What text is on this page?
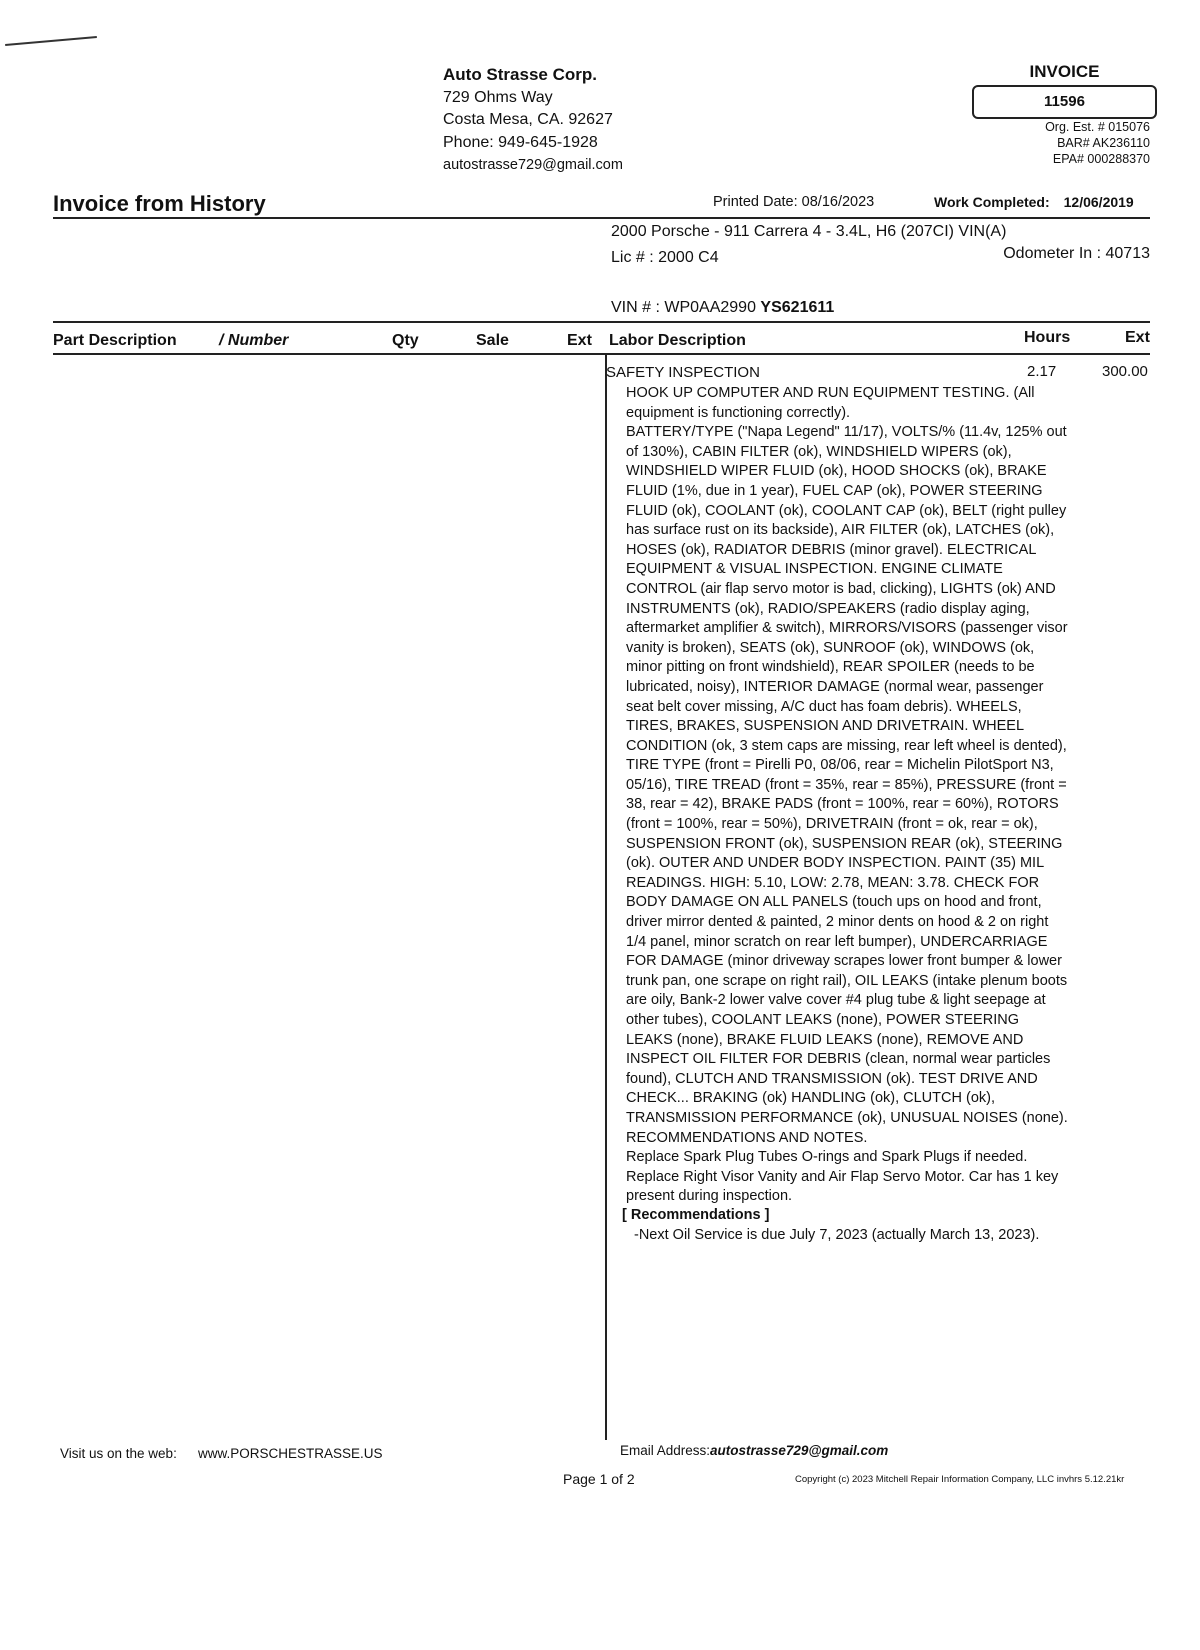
Auto Strasse Corp.
729 Ohms Way
Costa Mesa, CA. 92627
Phone: 949-645-1928
autostrasse729@gmail.com
INVOICE
11596
Org. Est. # 015076
BAR# AK236110
EPA# 000288370
Invoice from History	Printed Date: 08/16/2023	Work Completed: 12/06/2019
2000 Porsche - 911 Carrera 4 - 3.4L, H6 (207CI) VIN(A)
Lic # : 2000 C4	Odometer In : 40713
VIN # : WP0AA2990 YS621611
Part Description	/ Number	Qty	Sale	Ext Labor Description	Hours	Ext
SAFETY INSPECTION	2.17	300.00
HOOK UP COMPUTER AND RUN EQUIPMENT TESTING. (All
equipment is functioning correctly).
BATTERY/TYPE ("Napa Legend" 11/17), VOLTS/% (11.4v, 125% out
of 130%), CABIN FILTER (ok), WINDSHIELD WIPERS (ok),
WINDSHIELD WIPER FLUID (ok), HOOD SHOCKS (ok), BRAKE
FLUID (1%, due in 1 year), FUEL CAP (ok), POWER STEERING
FLUID (ok), COOLANT (ok), COOLANT CAP (ok), BELT (right pulley
has surface rust on its backside), AIR FILTER (ok), LATCHES (ok),
HOSES (ok), RADIATOR DEBRIS (minor gravel). ELECTRICAL
EQUIPMENT & VISUAL INSPECTION. ENGINE CLIMATE
CONTROL (air flap servo motor is bad, clicking), LIGHTS (ok) AND
INSTRUMENTS (ok), RADIO/SPEAKERS (radio display aging,
aftermarket amplifier & switch), MIRRORS/VISORS (passenger visor
vanity is broken), SEATS (ok), SUNROOF (ok), WINDOWS (ok,
minor pitting on front windshield), REAR SPOILER (needs to be
lubricated, noisy), INTERIOR DAMAGE (normal wear, passenger
seat belt cover missing, A/C duct has foam debris). WHEELS,
TIRES, BRAKES, SUSPENSION AND DRIVETRAIN. WHEEL
CONDITION (ok, 3 stem caps are missing, rear left wheel is dented),
TIRE TYPE (front = Pirelli P0, 08/06, rear = Michelin PilotSport N3,
05/16), TIRE TREAD (front = 35%, rear = 85%), PRESSURE (front =
38, rear = 42), BRAKE PADS (front = 100%, rear = 60%), ROTORS
(front = 100%, rear = 50%), DRIVETRAIN (front = ok, rear = ok),
SUSPENSION FRONT (ok), SUSPENSION REAR (ok), STEERING
(ok). OUTER AND UNDER BODY INSPECTION. PAINT (35) MIL
READINGS. HIGH: 5.10, LOW: 2.78, MEAN: 3.78. CHECK FOR
BODY DAMAGE ON ALL PANELS (touch ups on hood and front,
driver mirror dented & painted, 2 minor dents on hood & 2 on right
1/4 panel, minor scratch on rear left bumper), UNDERCARRIAGE
FOR DAMAGE (minor driveway scrapes lower front bumper & lower
trunk pan, one scrape on right rail), OIL LEAKS (intake plenum boots
are oily, Bank-2 lower valve cover #4 plug tube & light seepage at
other tubes), COOLANT LEAKS (none), POWER STEERING
LEAKS (none), BRAKE FLUID LEAKS (none), REMOVE AND
INSPECT OIL FILTER FOR DEBRIS (clean, normal wear particles
found), CLUTCH AND TRANSMISSION (ok). TEST DRIVE AND
CHECK... BRAKING (ok) HANDLING (ok), CLUTCH (ok),
TRANSMISSION PERFORMANCE (ok), UNUSUAL NOISES (none).
RECOMMENDATIONS AND NOTES.
Replace Spark Plug Tubes O-rings and Spark Plugs if needed.
Replace Right Visor Vanity and Air Flap Servo Motor. Car has 1 key
present during inspection.
[ Recommendations ]
-Next Oil Service is due July 7, 2023 (actually March 13, 2023).
Visit us on the web: www.PORSCHESTRASSE.US	Email Address:autostrasse729@gmail.com
Page 1 of 2	Copyright (c) 2023 Mitchell Repair Information Company, LLC invhrs 5.12.21kr
